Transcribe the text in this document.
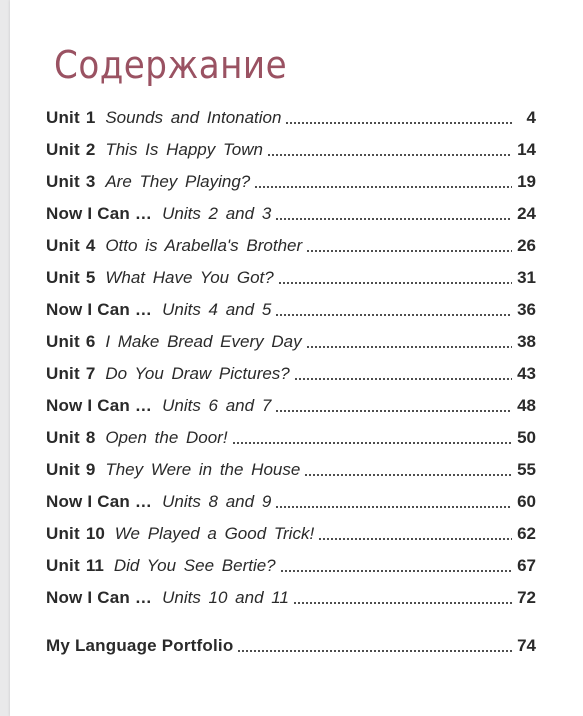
Содержание
Unit 1 Sounds and Intonation	4
Unit 2 This Is Happy Town	14
Unit 3 Are They Playing?	19
Now I Can … Units 2 and 3	24
Unit 4 Otto is Arabella's Brother	26
Unit 5 What Have You Got?	31
Now I Can … Units 4 and 5	36
Unit 6 I Make Bread Every Day	38
Unit 7 Do You Draw Pictures?	43
Now I Can … Units 6 and 7	48
Unit 8 Open the Door!	50
Unit 9 They Were in the House	55
Now I Can … Units 8 and 9	60
Unit 10 We Played a Good Trick!	62
Unit 11 Did You See Bertie?	67
Now I Can … Units 10 and 11	72
My Language Portfolio	74
